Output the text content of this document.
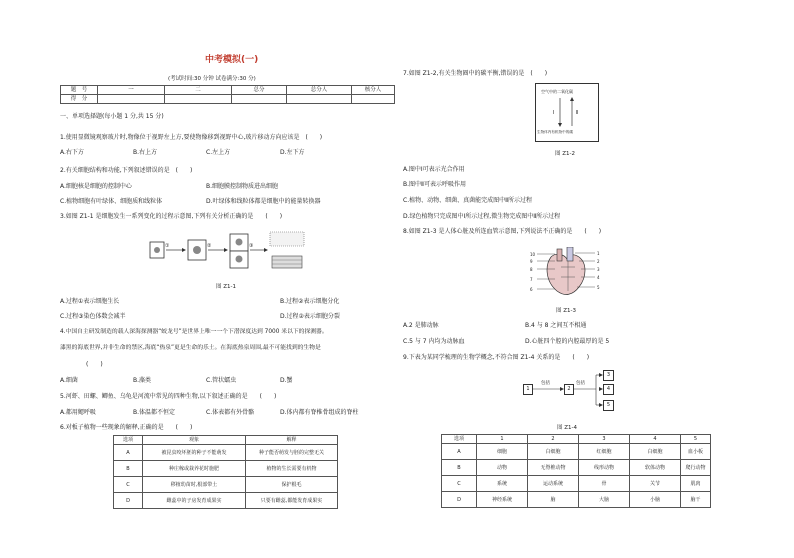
中考模拟(一)
(考试时间:30 分钟 试卷满分:30 分)
题　号	一	二	总分	总分人	核分人
得　分					
一、单项选择题(每小题 1 分,共 15 分)
1.使用显微镜观察玻片时,物像位于视野左上方,要使物像移到视野中心,玻片移动方向应该是　(　　)
A.右下方	B.右上方	C.左上方	D.左下方
2.有关细胞结构和功能,下列叙述错误的是　(　　)
A.细胞核是细胞的控制中心	B.细胞膜控制物质进出细胞
C.植物细胞有叶绿体、细胞质和线粒体	D.叶绿体和线粒体都是细胞中的能量转换器
3.如图 Z1-1 是细胞发生一系列变化的过程示意图,下列有关分析正确的是　　(　　)
①	②	③
图 Z1-1
A.过程①表示细胞生长	B.过程②表示细胞分化
C.过程③染色体数会减半	D.过程②表示细胞分裂
4.中国自主研发制造的载人深海探测器“蛟龙号”是世界上唯一一个下潜深度达到 7000 米以下的探测器。
漆黑的海底世界,并非生命的禁区,海底“热泉”更是生命的乐土。在海底热泉周围,最不可能找到的生物是
(　　)
A.细菌	B.藻类	C.管状蠕虫	D.蟹
5.河虾、田螺、鲫鱼、乌龟是河流中常见的四种生物,以下叙述正确的是　　(　　)
A.都用鳃呼吸	B.体温都不恒定	C.体表都有外骨骼	D.体内都有脊椎骨组成的脊柱
6.对板子植物一些现象的解释,正确的是　　(　　)
选项	观象	解释
A	被昆虫咬坏胚的种子不能萌发	种子能否萌发与胚的完整无关
B	种庄稼或栽养花时施肥	植物的生长需要有机物
C	移植幼苗时,根部带土	保护根毛
D	雌蕊中的子房发育成果实	只要有雌蕊,都能发育成果实
7.如图 Z1-2,有关生物圈中的碳平衡,错误的是　(　　)
空气中的二氧化碳
生物体内有机物中的碳
Ⅰ	Ⅱ
图 Z1-2
A.图中Ⅰ可表示光合作用
B.图中Ⅱ可表示呼吸作用
C.植物、动物、细菌、真菌能完成图中Ⅱ所示过程
D.绿色植物只完成图中Ⅰ所示过程,微生物完成图中Ⅱ所示过程
8.如图 Z1-3 是人体心脏及所连血管示意图,下列说法不正确的是　　(　　)
10
9
8
7
6
1
2
3
4
5
图 Z1-3
A.2 是肺动脉	B.4 与 8 之间互不相通
C.5 与 7 内均为动脉血	D.心脏四个腔的内腔最厚的是 5
9.下表为某同学梳理的生物学概念,不符合图 Z1-4 关系的是　　(　　)
1
包括
2
包括
3
4
5
图 Z1-4
选项	1	2	3	4	5
A	细胞	白细胞	红细胞	白细胞	血小板
B	动物	无脊椎动物	线形动物	软体动物	爬行动物
C	系统	运动系统	骨	关节	肌肉
D	神经系统	脑	大脑	小脑	脑干
